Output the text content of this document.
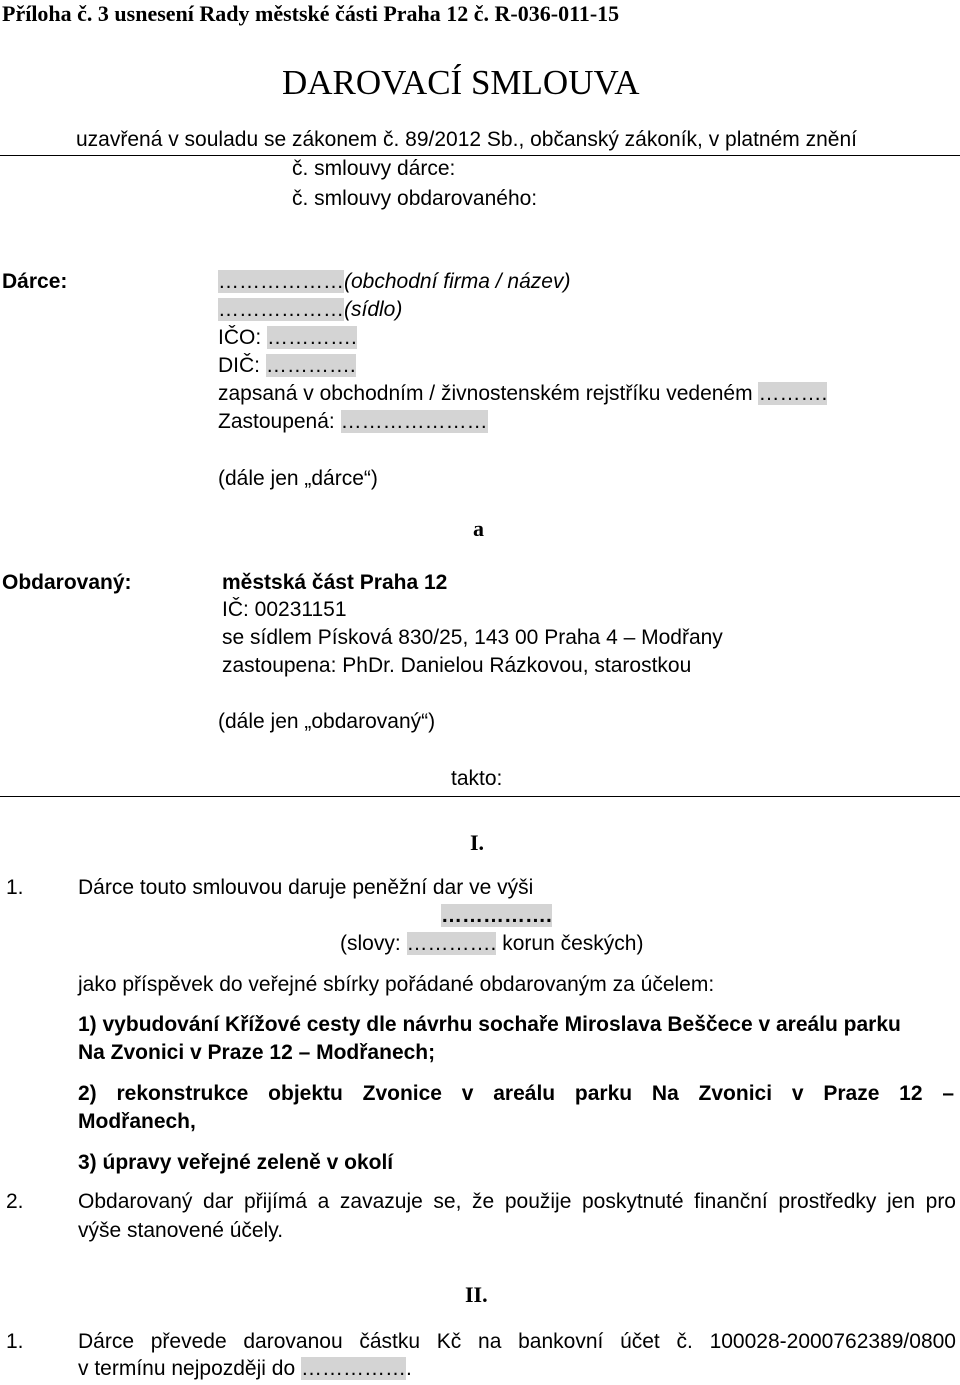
Příloha č. 3 usnesení Rady městské části Praha 12 č. R-036-011-15
DAROVACÍ SMLOUVA
uzavřená v souladu se zákonem č. 89/2012 Sb., občanský zákoník, v platném znění
č. smlouvy dárce:
č. smlouvy obdarovaného:
Dárce:	………………(obchodní firma / název)
………………(sídlo)
IČO: ………….
DIČ: ………….
zapsaná v obchodním / živnostenském rejstříku vedeném ……….
Zastoupená: …………………
(dále jen „dárce“)
a
Obdarovaný:	městská část Praha 12
IČ: 00231151
se sídlem Písková 830/25, 143 00 Praha 4 – Modřany
zastoupena: PhDr. Danielou Rázkovou, starostkou
(dále jen „obdarovaný“)
takto:
I.
1.	Dárce touto smlouvou daruje peněžní dar ve výši
…………….
(slovy: …………. korun českých)
jako příspěvek do veřejné sbírky pořádané obdarovaným za účelem:
1) vybudování Křížové cesty dle návrhu sochaře Miroslava Beščece v areálu parku
Na Zvonici v Praze 12 – Modřanech;
2) rekonstrukce objektu Zvonice v areálu parku Na Zvonici v Praze 12 –
Modřanech,
3) úpravy veřejné zeleně v okolí
2.	Obdarovaný dar přijímá a zavazuje se, že použije poskytnuté finanční prostředky jen pro
výše stanovené účely.
II.
1.	Dárce převede darovanou částku Kč na bankovní účet č. 100028-2000762389/0800
v termínu nejpozději do …………….
